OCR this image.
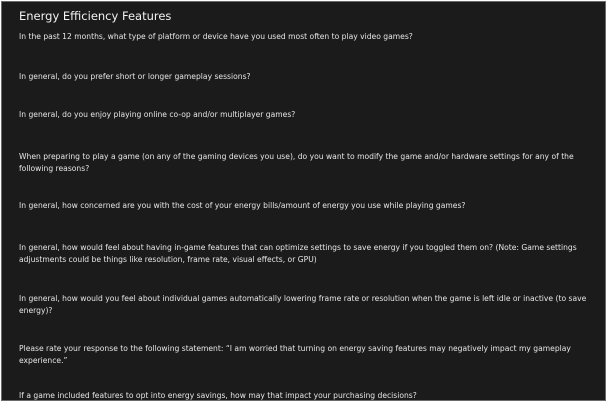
Energy Efficiency Features

In the past 12 months, what type of platform or device have you used most often to play video games?

In general, do you prefer short or longer gameplay sessions?

In general, do you enjoy playing online co-op and/or multiplayer games?

When preparing to play a game (on any of the gaming devices you use), do you want to modify the game and/or hardware settings for any of the following reasons?

In general, how concerned are you with the cost of your energy bills/amount of energy you use while playing games?

In general, how would feel about having in-game features that can optimize settings to save energy if you toggled them on? (Note: Game settings adjustments could be things like resolution, frame rate, visual effects, or GPU)

In general, how would you feel about individual games automatically lowering frame rate or resolution when the game is left idle or inactive (to save energy)?

Please rate your response to the following statement: “I am worried that turning on energy saving features may negatively impact my gameplay experience.”

If a game included features to opt into energy savings, how may that impact your purchasing decisions?
